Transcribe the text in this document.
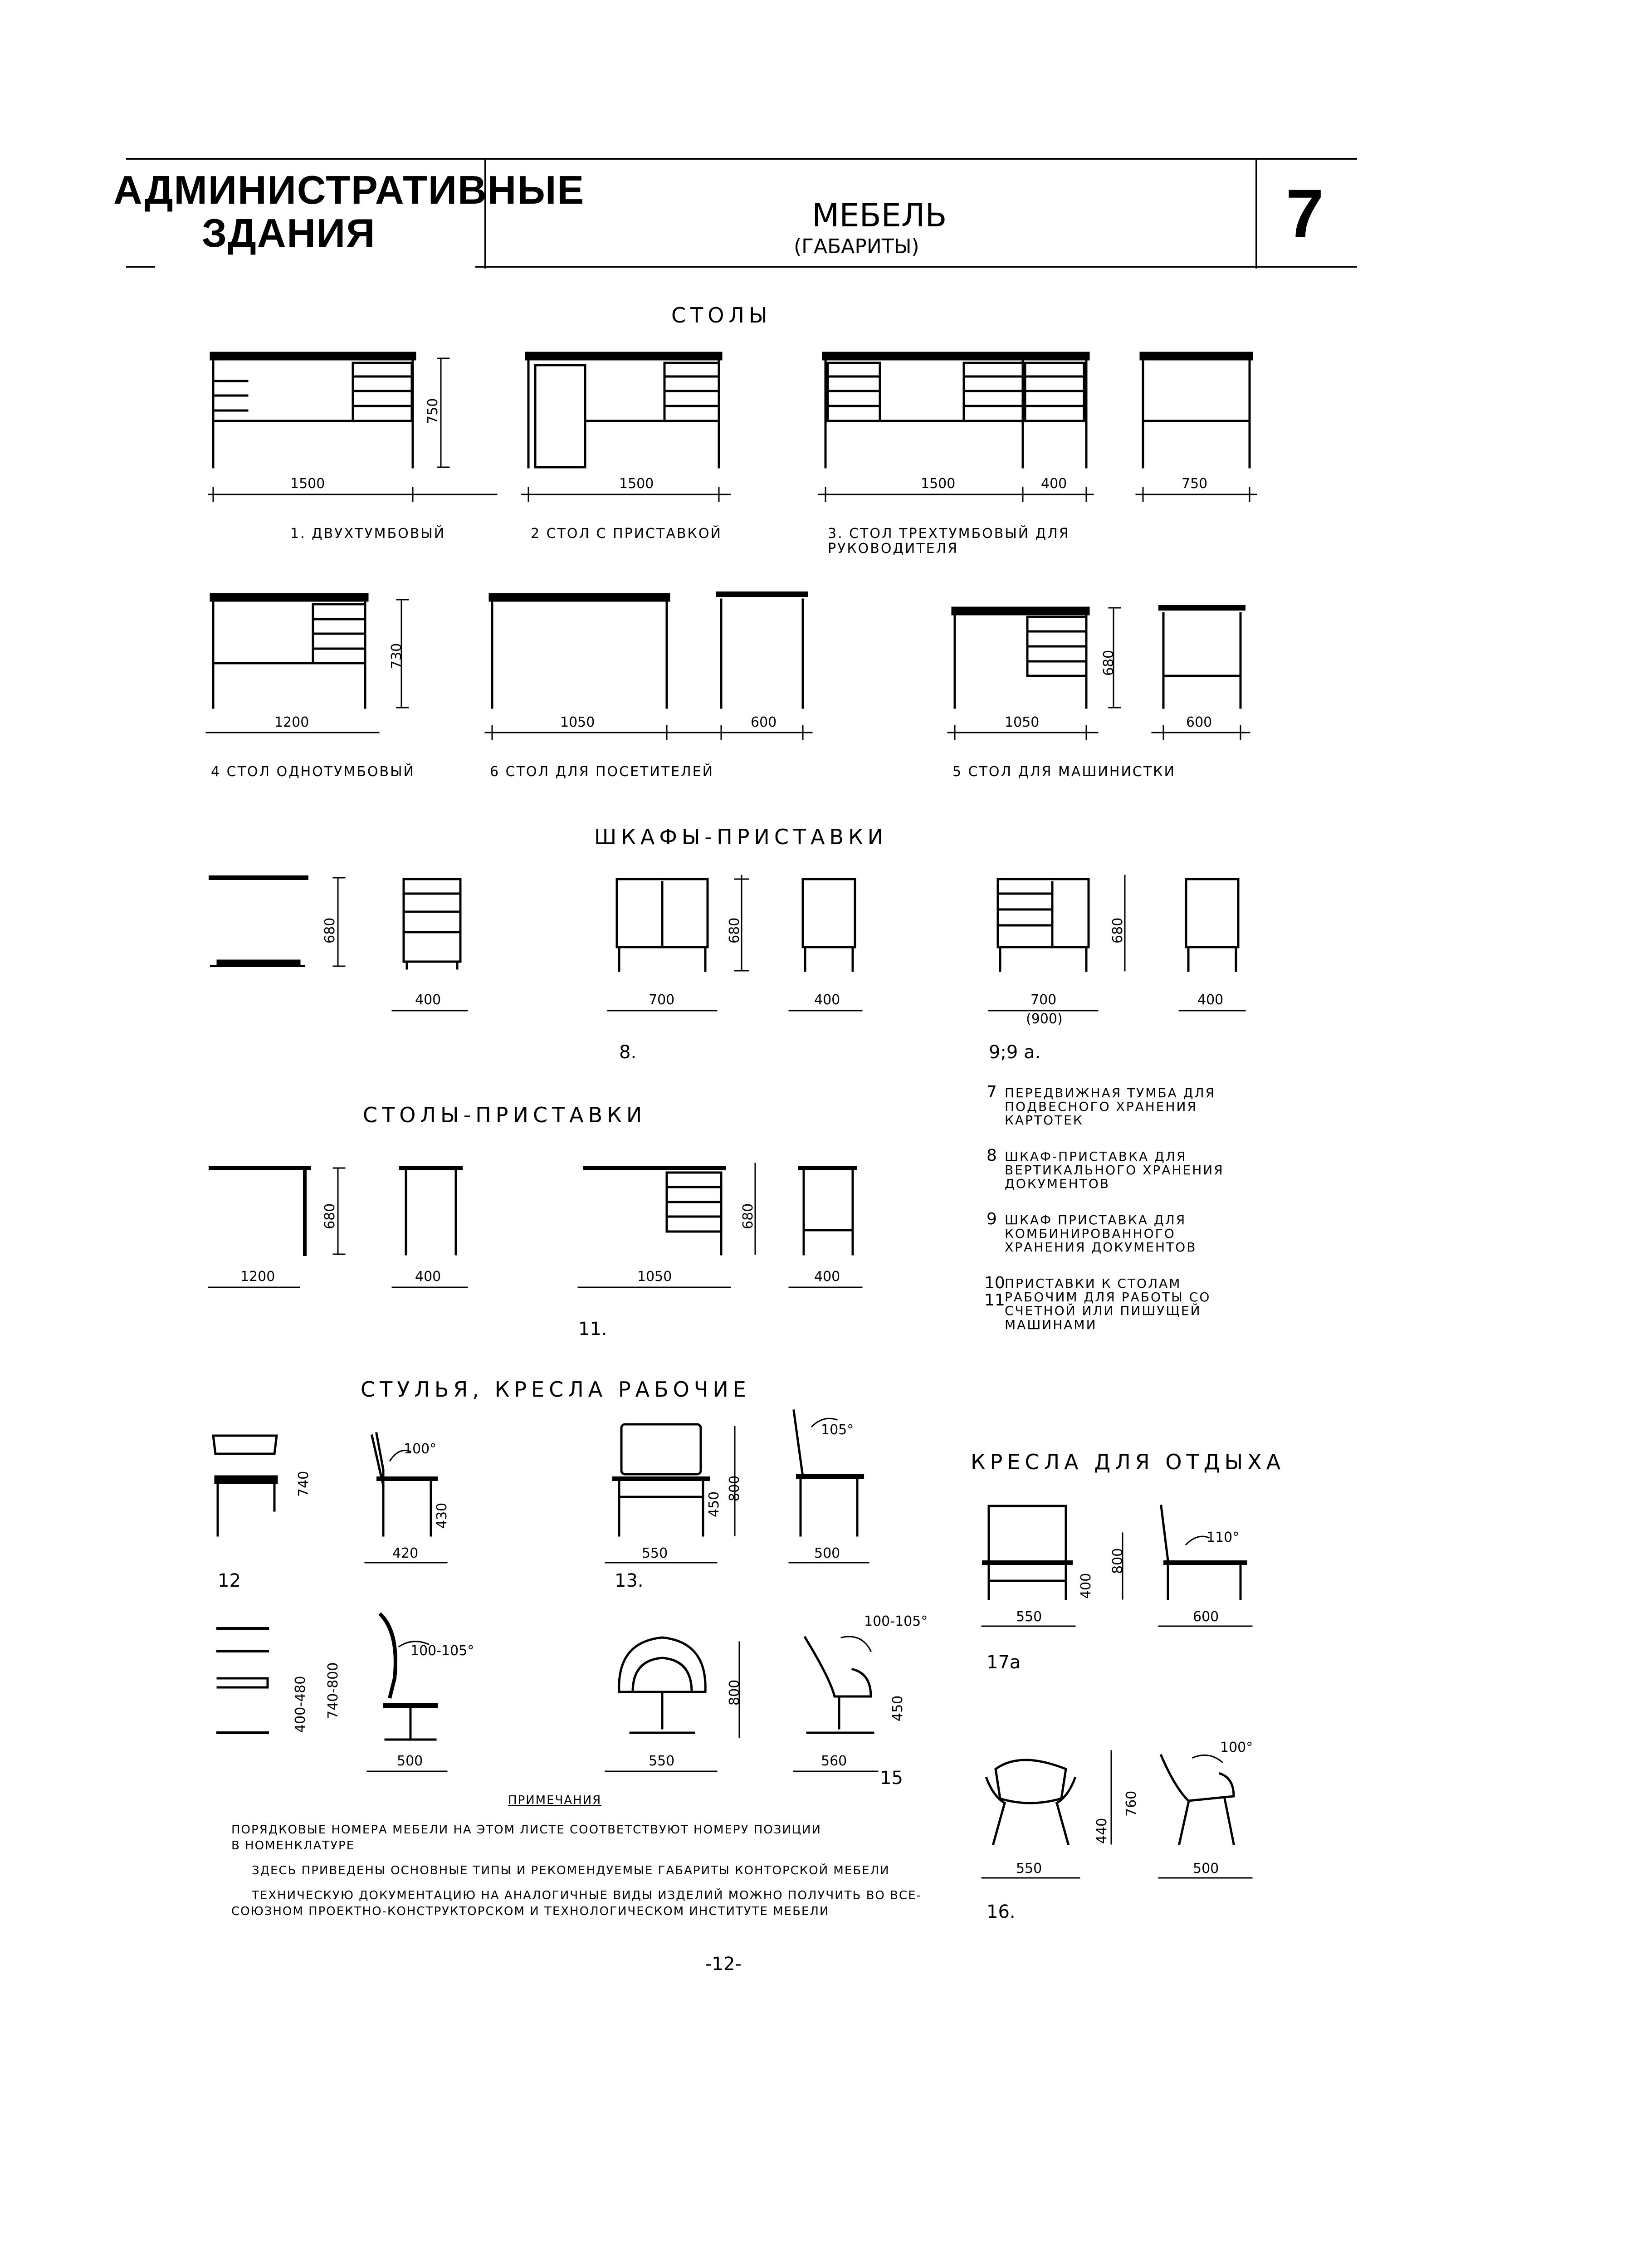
АДМИНИСТРАТИВНЫЕ
ЗДАНИЯ	МЕБЕЛЬ
(ГАБАРИТЫ)	7
СТОЛЫ
ШКАФЫ-ПРИСТАВКИ
СТОЛЫ-ПРИСТАВКИ
СТУЛЬЯ, КРЕСЛА РАБОЧИЕ
КРЕСЛА ДЛЯ ОТДЫХА
1500
750
1500	1500	400	750
730
1200	1050	600
680
1050	600
680
400
680
700	400
680
700
(900)
400
680
1200	400
680
1050	400
740
430
100°
420
105°
800
450
550	500
740-800
400-480
100-105°
500
800
550
100-105°
450
560
110°
800
400
550	600
100°
760
440
550	500
1. ДВУХТУМБОВЫЙ	2 СТОЛ С ПРИСТАВКОЙ	3. СТОЛ ТРЕХТУМБОВЫЙ ДЛЯ РУКОВОДИТЕЛЯ
4 СТОЛ ОДНОТУМБОВЫЙ	6 СТОЛ ДЛЯ ПОСЕТИТЕЛЕЙ	5 СТОЛ ДЛЯ МАШИНИСТКИ
8.	9;9 а.
11.
12	13.
15
17а
16.
7 ПЕРЕДВИЖНАЯ ТУМБА ДЛЯ ПОДВЕСНОГО ХРАНЕНИЯ КАРТОТЕК
8 ШКАФ-ПРИСТАВКА ДЛЯ ВЕРТИКАЛЬНОГО ХРАНЕНИЯ ДОКУМЕНТОВ
9 ШКАФ ПРИСТАВКА ДЛЯ КОМБИНИРОВАННОГО ХРАНЕНИЯ ДОКУМЕНТОВ
10
11
ПРИСТАВКИ К СТОЛАМ РАБОЧИМ ДЛЯ РАБОТЫ СО СЧЕТНОЙ ИЛИ ПИШУЩЕЙ МАШИНАМИ
ПРИМЕЧАНИЯ
ПОРЯДКОВЫЕ НОМЕРА МЕБЕЛИ НА ЭТОМ ЛИСТЕ СООТВЕТСТВУЮТ НОМЕРУ ПОЗИЦИИ
В НОМЕНКЛАТУРЕ
ЗДЕСЬ ПРИВЕДЕНЫ ОСНОВНЫЕ ТИПЫ И РЕКОМЕНДУЕМЫЕ ГАБАРИТЫ КОНТОРСКОЙ МЕБЕЛИ
ТЕХНИЧЕСКУЮ ДОКУМЕНТАЦИЮ НА АНАЛОГИЧНЫЕ ВИДЫ ИЗДЕЛИЙ МОЖНО ПОЛУЧИТЬ ВО ВСЕ-
СОЮЗНОМ ПРОЕКТНО-КОНСТРУКТОРСКОМ И ТЕХНОЛОГИЧЕСКОМ ИНСТИТУТЕ МЕБЕЛИ
-12-
